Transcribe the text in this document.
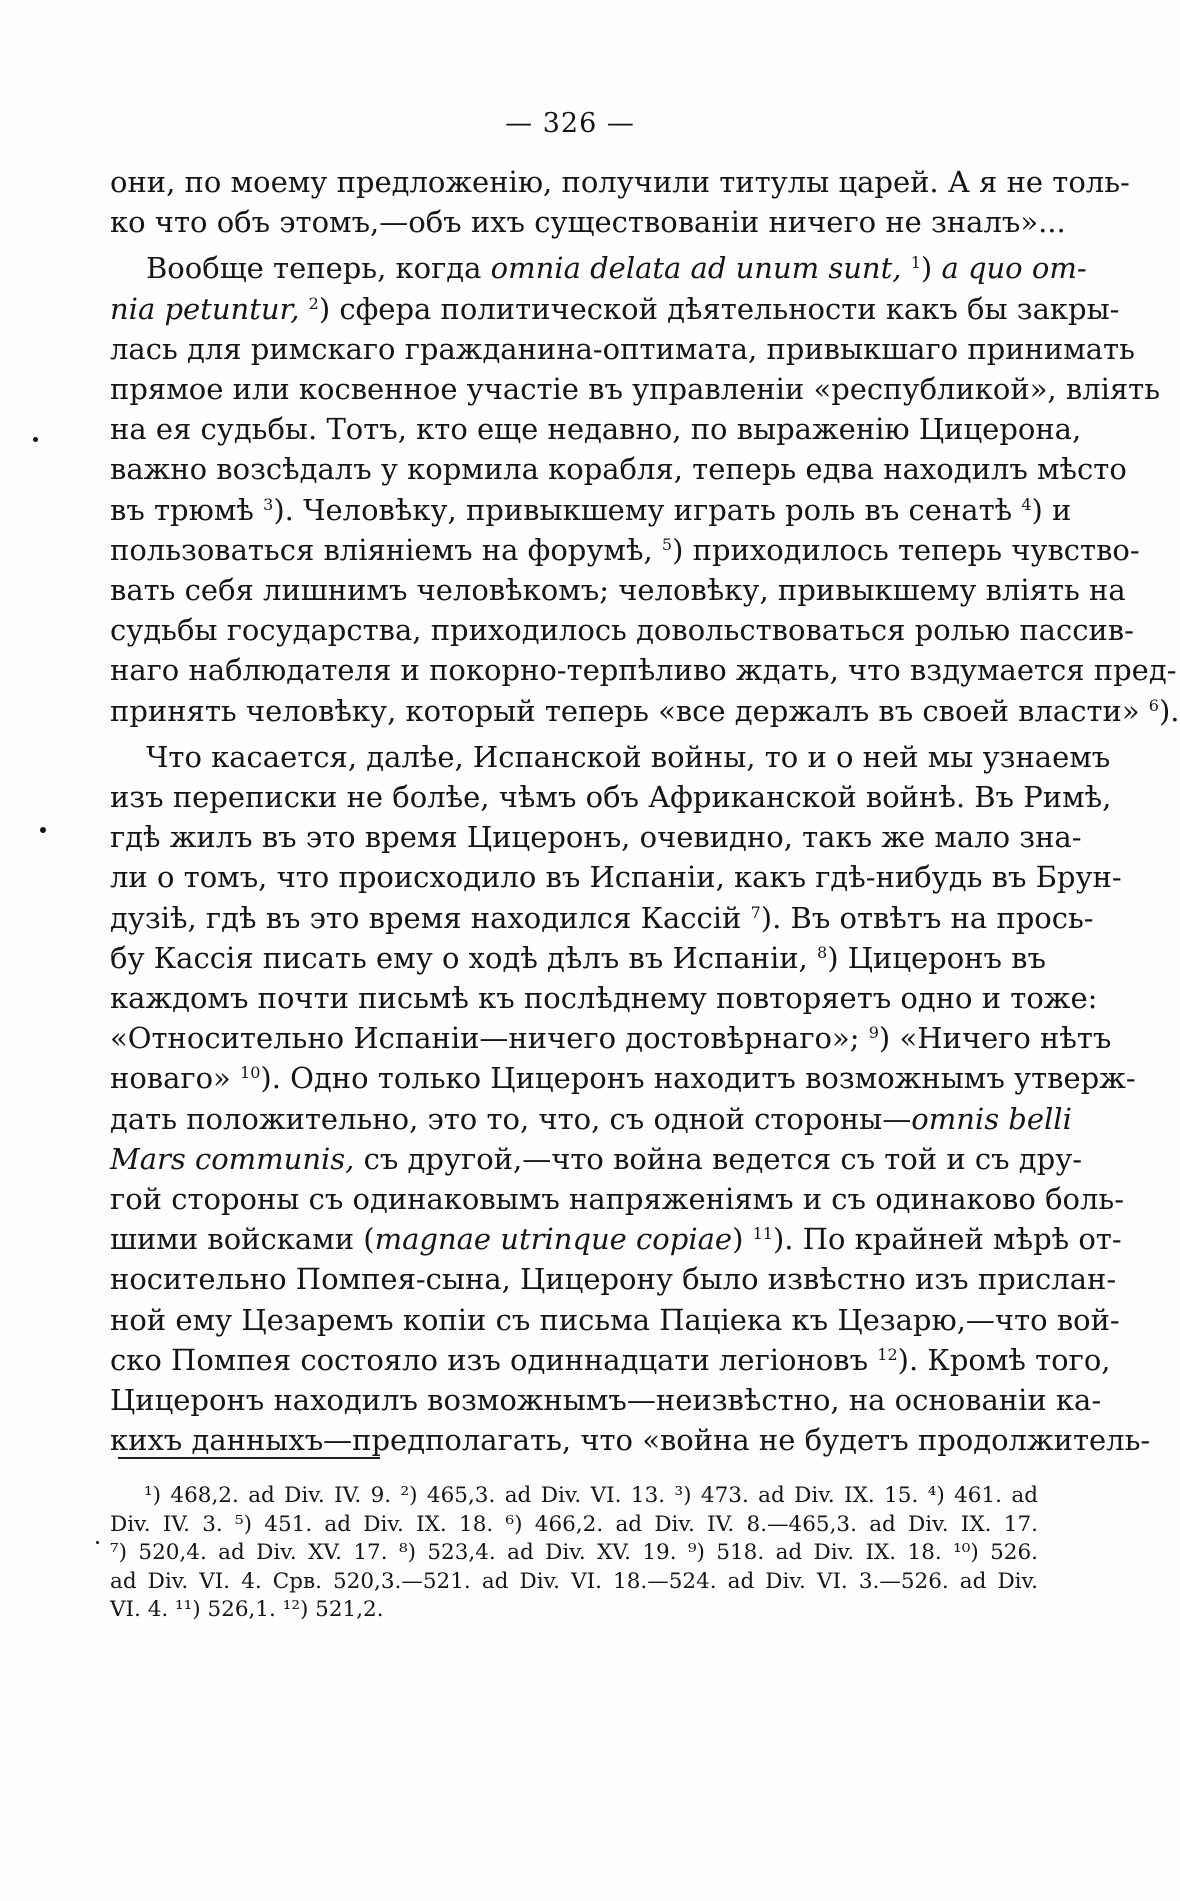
— 326 —

они, по моему предложенію, получили титулы царей. А я не толь-
ко что объ этомъ,—объ ихъ существованіи ничего не зналъ»...

Вообще теперь, когда omnia delata ad unum sunt, $^1$) a quo om-
nia petuntur, $^2$) сфера политической дѣятельности какъ бы закры-
лась для римскаго гражданина-оптимата, привыкшаго принимать
прямое или косвенное участіе въ управленіи «республикой», вліять
на ея судьбы. Тотъ, кто еще недавно, по выраженію Цицерона,
важно возсѣдалъ у кормила корабля, теперь едва находилъ мѣсто
въ трюмѣ $^3$). Человѣку, привыкшему играть роль въ сенатѣ $^4$) и
пользоваться вліяніемъ на форумѣ, $^5$) приходилось теперь чувство-
вать себя лишнимъ человѣкомъ; человѣку, привыкшему вліять на
судьбы государства, приходилось довольствоваться ролью пассив-
наго наблюдателя и покорно-терпѣливо ждать, что вздумается пред-
принять человѣку, который теперь «все держалъ въ своей власти» $^6$).

Что касается, далѣе, Испанской войны, то и о ней мы узнаемъ
изъ переписки не болѣе, чѣмъ объ Африканской войнѣ. Въ Римѣ,
гдѣ жилъ въ это время Цицеронъ, очевидно, такъ же мало зна-
ли о томъ, что происходило въ Испаніи, какъ гдѣ-нибудь въ Брун-
дузіѣ, гдѣ въ это время находился Кассій $^7$). Въ отвѣтъ на прось-
бу Кассія писать ему о ходѣ дѣлъ въ Испаніи, $^8$) Цицеронъ въ
каждомъ почти письмѣ къ послѣднему повторяетъ одно и тоже:
«Относительно Испаніи—ничего достовѣрнаго»; $^9$) «Ничего нѣтъ
новаго» $^{10}$). Одно только Цицеронъ находитъ возможнымъ утверж-
дать положительно, это то, что, съ одной стороны—omnis belli
Mars communis, съ другой,—что война ведется съ той и съ дру-
гой стороны съ одинаковымъ напряженіямъ и съ одинаково боль-
шими войсками (magnae utrinque copiae) $^{11}$). По крайней мѣрѣ от-
носительно Помпея-сына, Цицерону было извѣстно изъ прислан-
ной ему Цезаремъ копіи съ письма Паціека къ Цезарю,—что вой-
ско Помпея состояло изъ одиннадцати легіоновъ $^{12}$). Кромѣ того,
Цицеронъ находилъ возможнымъ—неизвѣстно, на основаніи ка-
кихъ данныхъ—предполагать, что «война не будетъ продолжитель-

¹) 468,2. ad Div. IV. 9. ²) 465,3. ad Div. VI. 13. ³) 473. ad Div. IX. 15. ⁴) 461. ad
Div. IV. 3. ⁵) 451. ad Div. IX. 18. ⁶) 466,2. ad Div. IV. 8.—465,3. ad Div. IX. 17.
⁷) 520,4. ad Div. XV. 17. ⁸) 523,4. ad Div. XV. 19. ⁹) 518. ad Div. IX. 18. ¹⁰) 526.
ad Div. VI. 4. Срв. 520,3.—521. ad Div. VI. 18.—524. ad Div. VI. 3.—526. ad Div.
VI. 4. ¹¹) 526,1. ¹²) 521,2.
